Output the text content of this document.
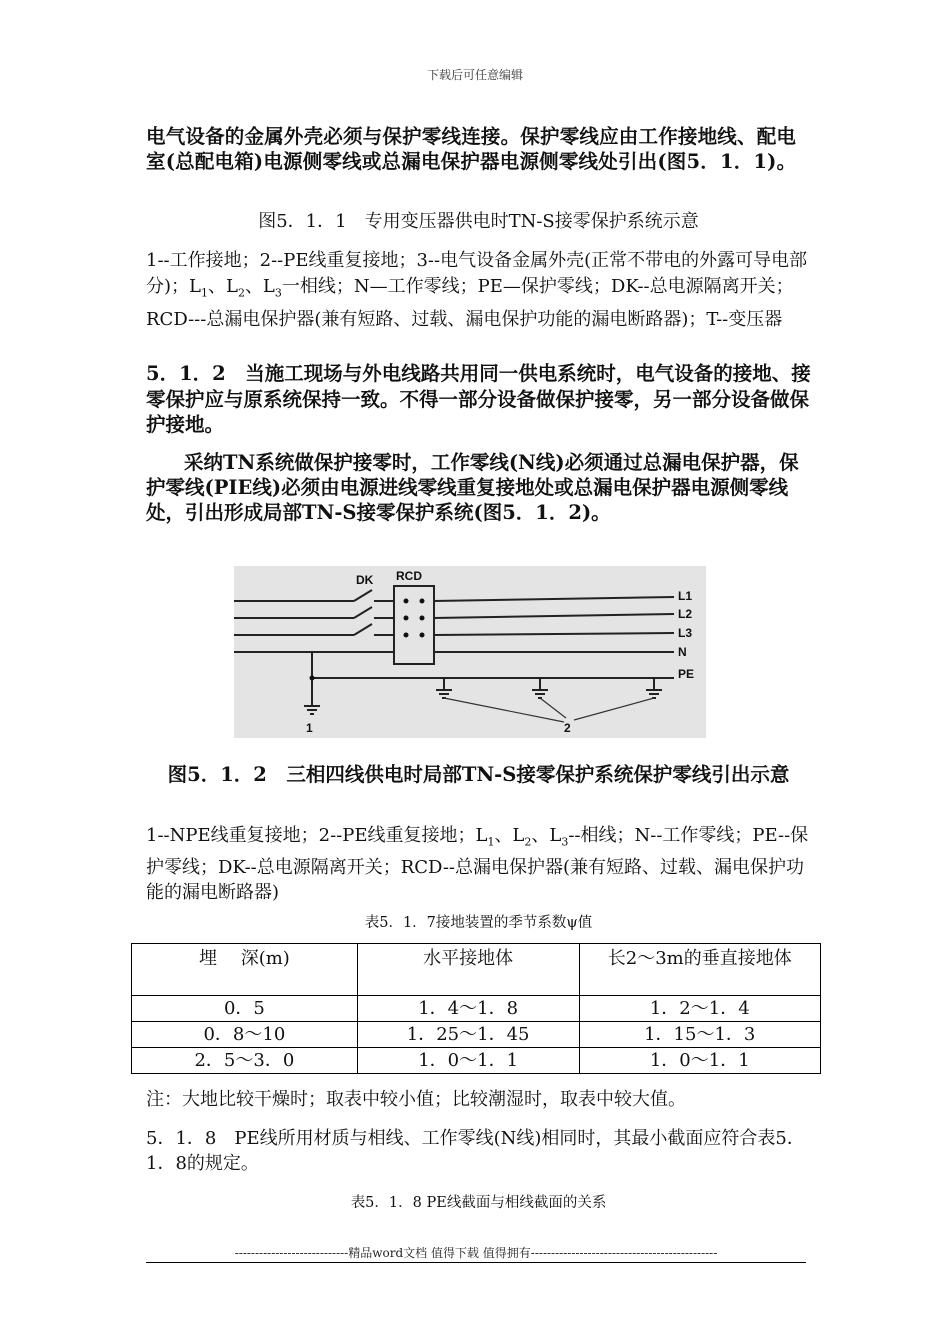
下载后可任意编辑
电气设备的金属外壳必须与保护零线连接。保护零线应由工作接地线、配电室(总配电箱)电源侧零线或总漏电保护器电源侧零线处引出(图5．1．1)。
图5．1．1　专用变压器供电时TN-S接零保护系统示意
1--工作接地；2--PE线重复接地；3--电气设备金属外壳(正常不带电的外露可导电部分)；$L_1$、$L_2$、$L_3$一相线；N—工作零线；PE—保护零线；DK--总电源隔离开关；RCD---总漏电保护器(兼有短路、过载、漏电保护功能的漏电断路器)；T--变压器
5．1．2　当施工现场与外电线路共用同一供电系统时，电气设备的接地、接零保护应与原系统保持一致。不得一部分设备做保护接零，另一部分设备做保护接地。
采纳TN系统做保护接零时，工作零线(N线)必须通过总漏电保护器，保护零线(PIE线)必须由电源进线零线重复接地处或总漏电保护器电源侧零线处，引出形成局部TN-S接零保护系统(图5．1．2)。
DK RCD
L1
L2
L3
N
PE
1	2
图5．1．2　三相四线供电时局部TN-S接零保护系统保护零线引出示意
1--NPE线重复接地；2--PE线重复接地；$L_1$、$L_2$、$L_3--$相线；N--工作零线；PE--保护零线；DK--总电源隔离开关；RCD--总漏电保护器(兼有短路、过载、漏电保护功能的漏电断路器)
表5．1．7接地装置的季节系数ψ值
埋　 深(m)	水平接地体	长2～3m的垂直接地体
0．5	1．4～1．8	1．2～1．4
0．8～10	1．25～1．45	1．15～1．3
2．5～3．0	1．0～1．1	1．0～1．1
注：大地比较干燥时；取表中较小值；比较潮湿时，取表中较大值。
5．1．8　PE线所用材质与相线、工作零线(N线)相同时，其最小截面应符合表5．1．8的规定。
表5．1．8 PE线截面与相线截面的关系
----------------------------精品word文档 值得下载 值得拥有----------------------------------------------
